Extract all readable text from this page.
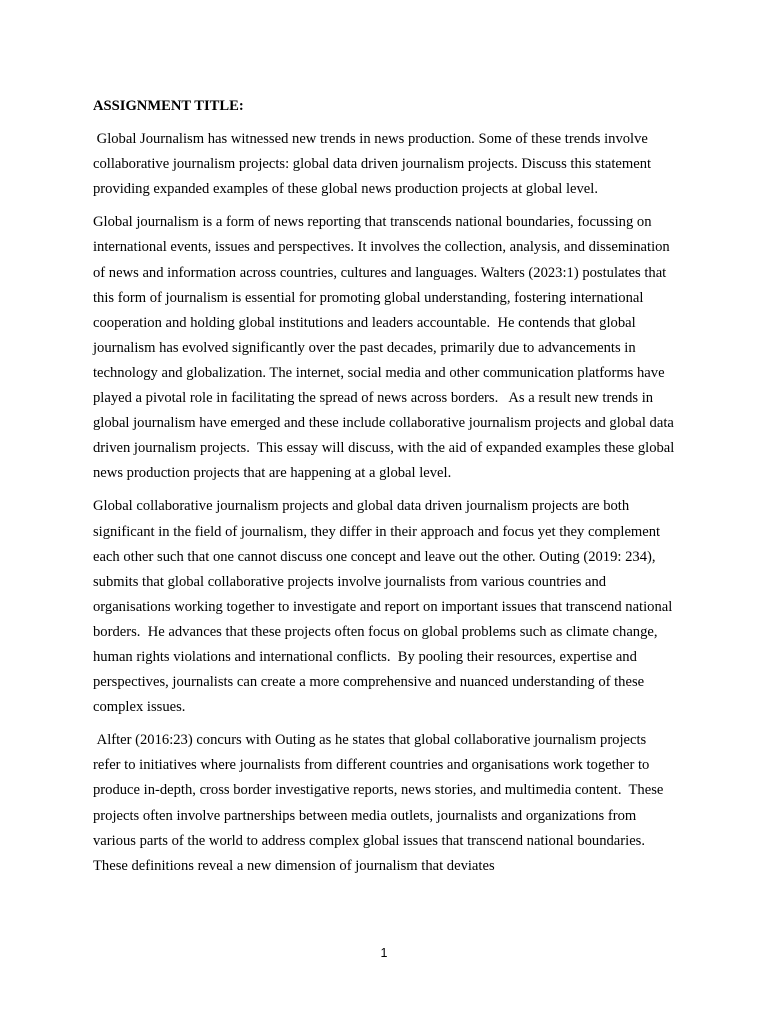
ASSIGNMENT TITLE:

Global Journalism has witnessed new trends in news production. Some of these trends involve collaborative journalism projects: global data driven journalism projects. Discuss this statement providing expanded examples of these global news production projects at global level.

Global journalism is a form of news reporting that transcends national boundaries, focussing on international events, issues and perspectives. It involves the collection, analysis, and dissemination of news and information across countries, cultures and languages. Walters (2023:1) postulates that this form of journalism is essential for promoting global understanding, fostering international cooperation and holding global institutions and leaders accountable.  He contends that global journalism has evolved significantly over the past decades, primarily due to advancements in technology and globalization. The internet, social media and other communication platforms have played a pivotal role in facilitating the spread of news across borders.   As a result new trends in global journalism have emerged and these include collaborative journalism projects and global data driven journalism projects.  This essay will discuss, with the aid of expanded examples these global news production projects that are happening at a global level.

Global collaborative journalism projects and global data driven journalism projects are both significant in the field of journalism, they differ in their approach and focus yet they complement each other such that one cannot discuss one concept and leave out the other. Outing (2019: 234), submits that global collaborative projects involve journalists from various countries and organisations working together to investigate and report on important issues that transcend national borders.  He advances that these projects often focus on global problems such as climate change, human rights violations and international conflicts.  By pooling their resources, expertise and perspectives, journalists can create a more comprehensive and nuanced understanding of these complex issues.

Alfter (2016:23) concurs with Outing as he states that global collaborative journalism projects refer to initiatives where journalists from different countries and organisations work together to produce in-depth, cross border investigative reports, news stories, and multimedia content.  These projects often involve partnerships between media outlets, journalists and organizations from various parts of the world to address complex global issues that transcend national boundaries.  These definitions reveal a new dimension of journalism that deviates

1
